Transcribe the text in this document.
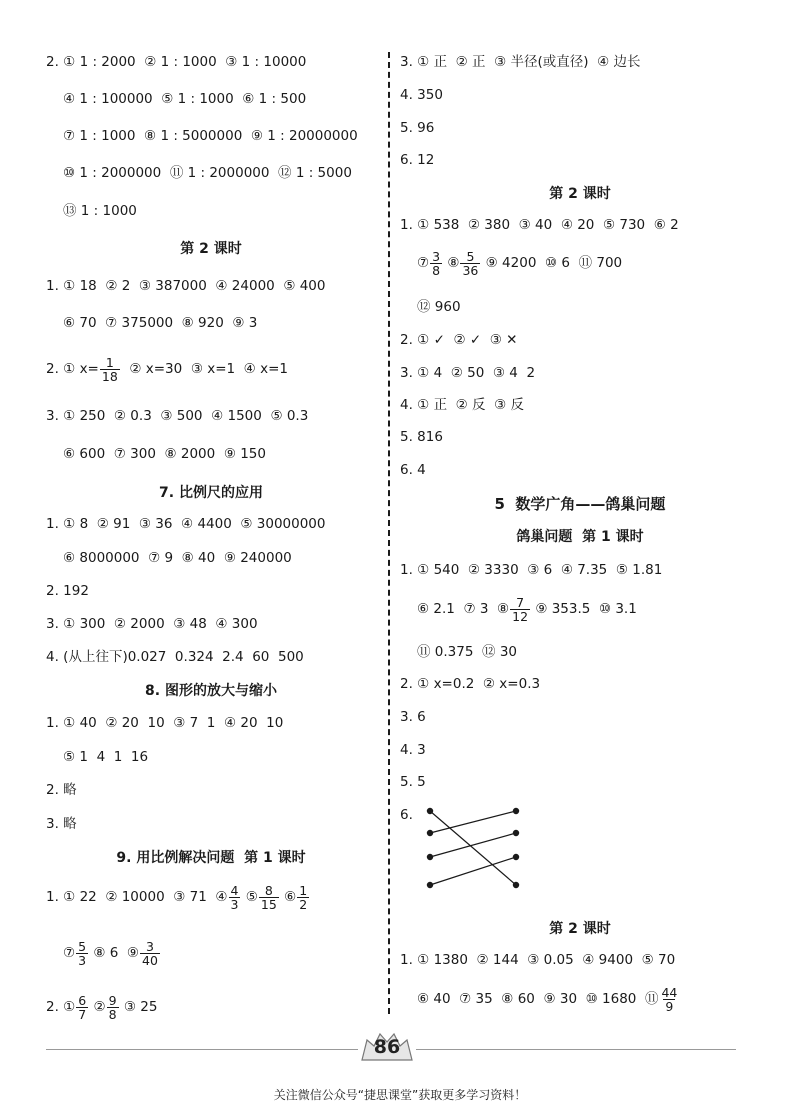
2. ① 1 : 2000  ② 1 : 1000  ③ 1 : 10000
④ 1 : 100000  ⑤ 1 : 1000  ⑥ 1 : 500
⑦ 1 : 1000  ⑧ 1 : 5000000  ⑨ 1 : 20000000
⑩ 1 : 2000000  ⑪ 1 : 2000000  ⑫ 1 : 5000
⑬ 1 : 1000
第 2 课时
1. ① 18  ② 2  ③ 387000  ④ 24000  ⑤ 400
⑥ 70  ⑦ 375000  ⑧ 920  ⑨ 3
2. ① $x= \frac{1}{18}$ ② x=30  ③ x=1  ④ x=1
3. ① 250  ② 0.3  ③ 500  ④ 1500  ⑤ 0.3
⑥ 600  ⑦ 300  ⑧ 2000  ⑨ 150
7. 比例尺的应用
1. ① 8  ② 91  ③ 36  ④ 4400  ⑤ 30000000
⑥ 8000000  ⑦ 9  ⑧ 40  ⑨ 240000
2. 192
3. ① 300  ② 2000  ③ 48  ④ 300
4. (从上往下)0.027  0.324  2.4  60  500
8. 图形的放大与缩小
1. ① 40  ② 20  10  ③ 7  1  ④ 20  10
⑤ 1  4  1  16
2. 略
3. 略
9. 用比例解决问题  第 1 课时
1. ① 22  ② 10000  ③ 71  ④ $\frac{4}{3}$ ⑤ $\frac{8}{15}$ ⑥ $\frac{1}{2}$
⑦ $\frac{5}{3}$ ⑧ 6  ⑨ $\frac{3}{40}$
2. ① $\frac{6}{7}$ ② $\frac{9}{8}$ ③ 25
3. ① 正  ② 正  ③ 半径(或直径)  ④ 边长
4. 350
5. 96
6. 12
第 2 课时
1. ① 538  ② 380  ③ 40  ④ 20  ⑤ 730  ⑥ 2
⑦ $\frac{3}{8}$ ⑧ $\frac{5}{36}$ ⑨ 4200  ⑩ 6  ⑪ 700
⑫ 960
2. ① ✓  ② ✓  ③ ✕
3. ① 4  ② 50  ③ 4  2
4. ① 正  ② 反  ③ 反
5. 816
6. 4
5  数学广角——鸽巢问题
鸽巢问题  第 1 课时
1. ① 540  ② 3330  ③ 6  ④ 7.35  ⑤ 1.81
⑥ 2.1  ⑦ 3  ⑧ $\frac{7}{12}$ ⑨ 353.5  ⑩ 3.1
⑪ 0.375  ⑫ 30
2. ① x=0.2  ② x=0.3
3. 6
4. 3
5. 5
6.
第 2 课时
1. ① 1380  ② 144  ③ 0.05  ④ 9400  ⑤ 70
⑥ 40  ⑦ 35  ⑧ 60  ⑨ 30  ⑩ 1680  ⑪ $\frac{44}{9}$
86
关注微信公众号“捷思课堂”获取更多学习资料！
